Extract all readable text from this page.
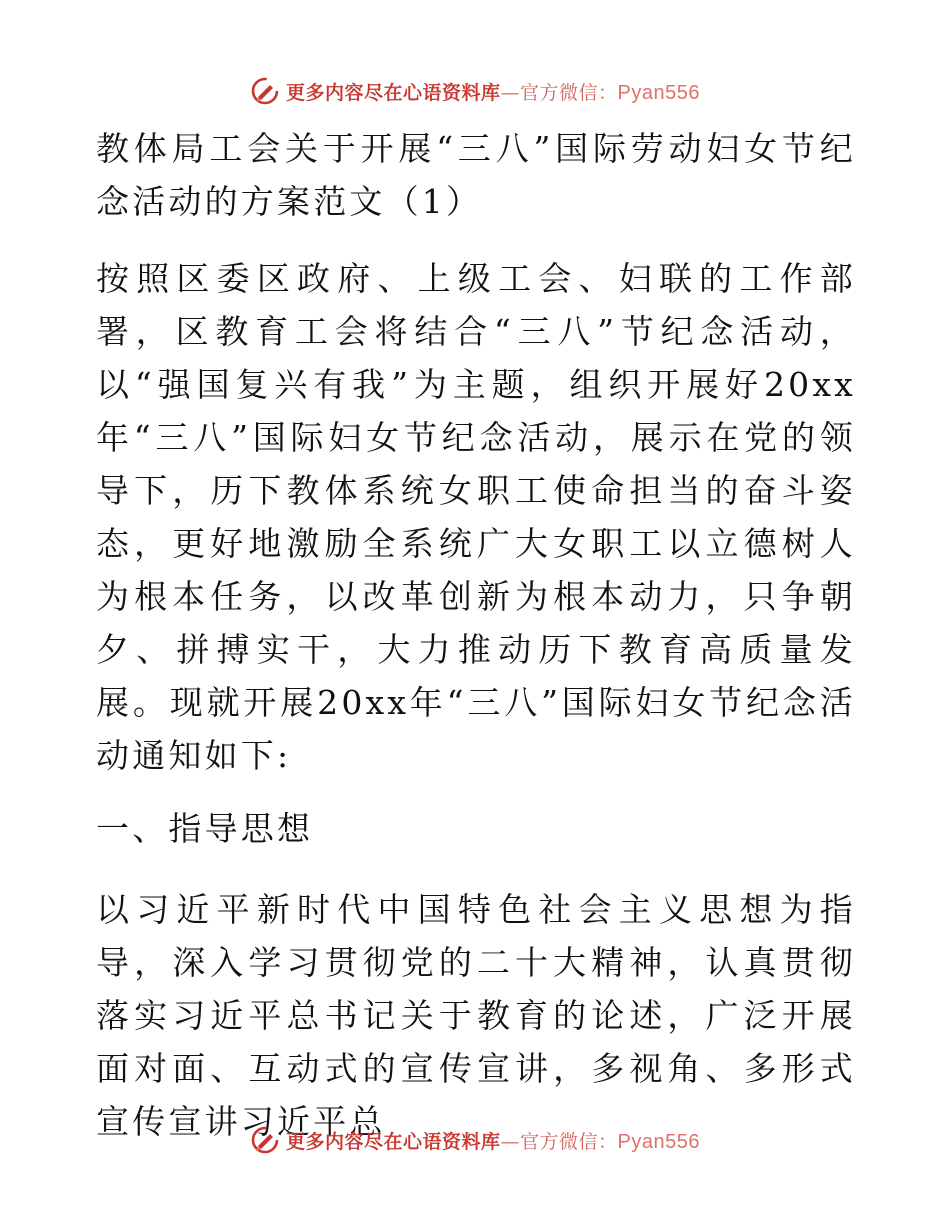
更多内容尽在心语资料库—官方微信：Pyan556

教体局工会关于开展“三八”国际劳动妇女节纪念活动的方案范文（1）

按照区委区政府、上级工会、妇联的工作部署，区教育工会将结合“三八”节纪念活动，以“强国复兴有我”为主题，组织开展好20xx年“三八”国际妇女节纪念活动，展示在党的领导下，历下教体系统女职工使命担当的奋斗姿态，更好地激励全系统广大女职工以立德树人为根本任务，以改革创新为根本动力，只争朝夕、拼搏实干，大力推动历下教育高质量发展。现就开展20xx年“三八”国际妇女节纪念活动通知如下:

一、指导思想

以习近平新时代中国特色社会主义思想为指导，深入学习贯彻党的二十大精神，认真贯彻落实习近平总书记关于教育的论述，广泛开展面对面、互动式的宣传宣讲，多视角、多形式宣传宣讲习近平总

更多内容尽在心语资料库—官方微信：Pyan556
